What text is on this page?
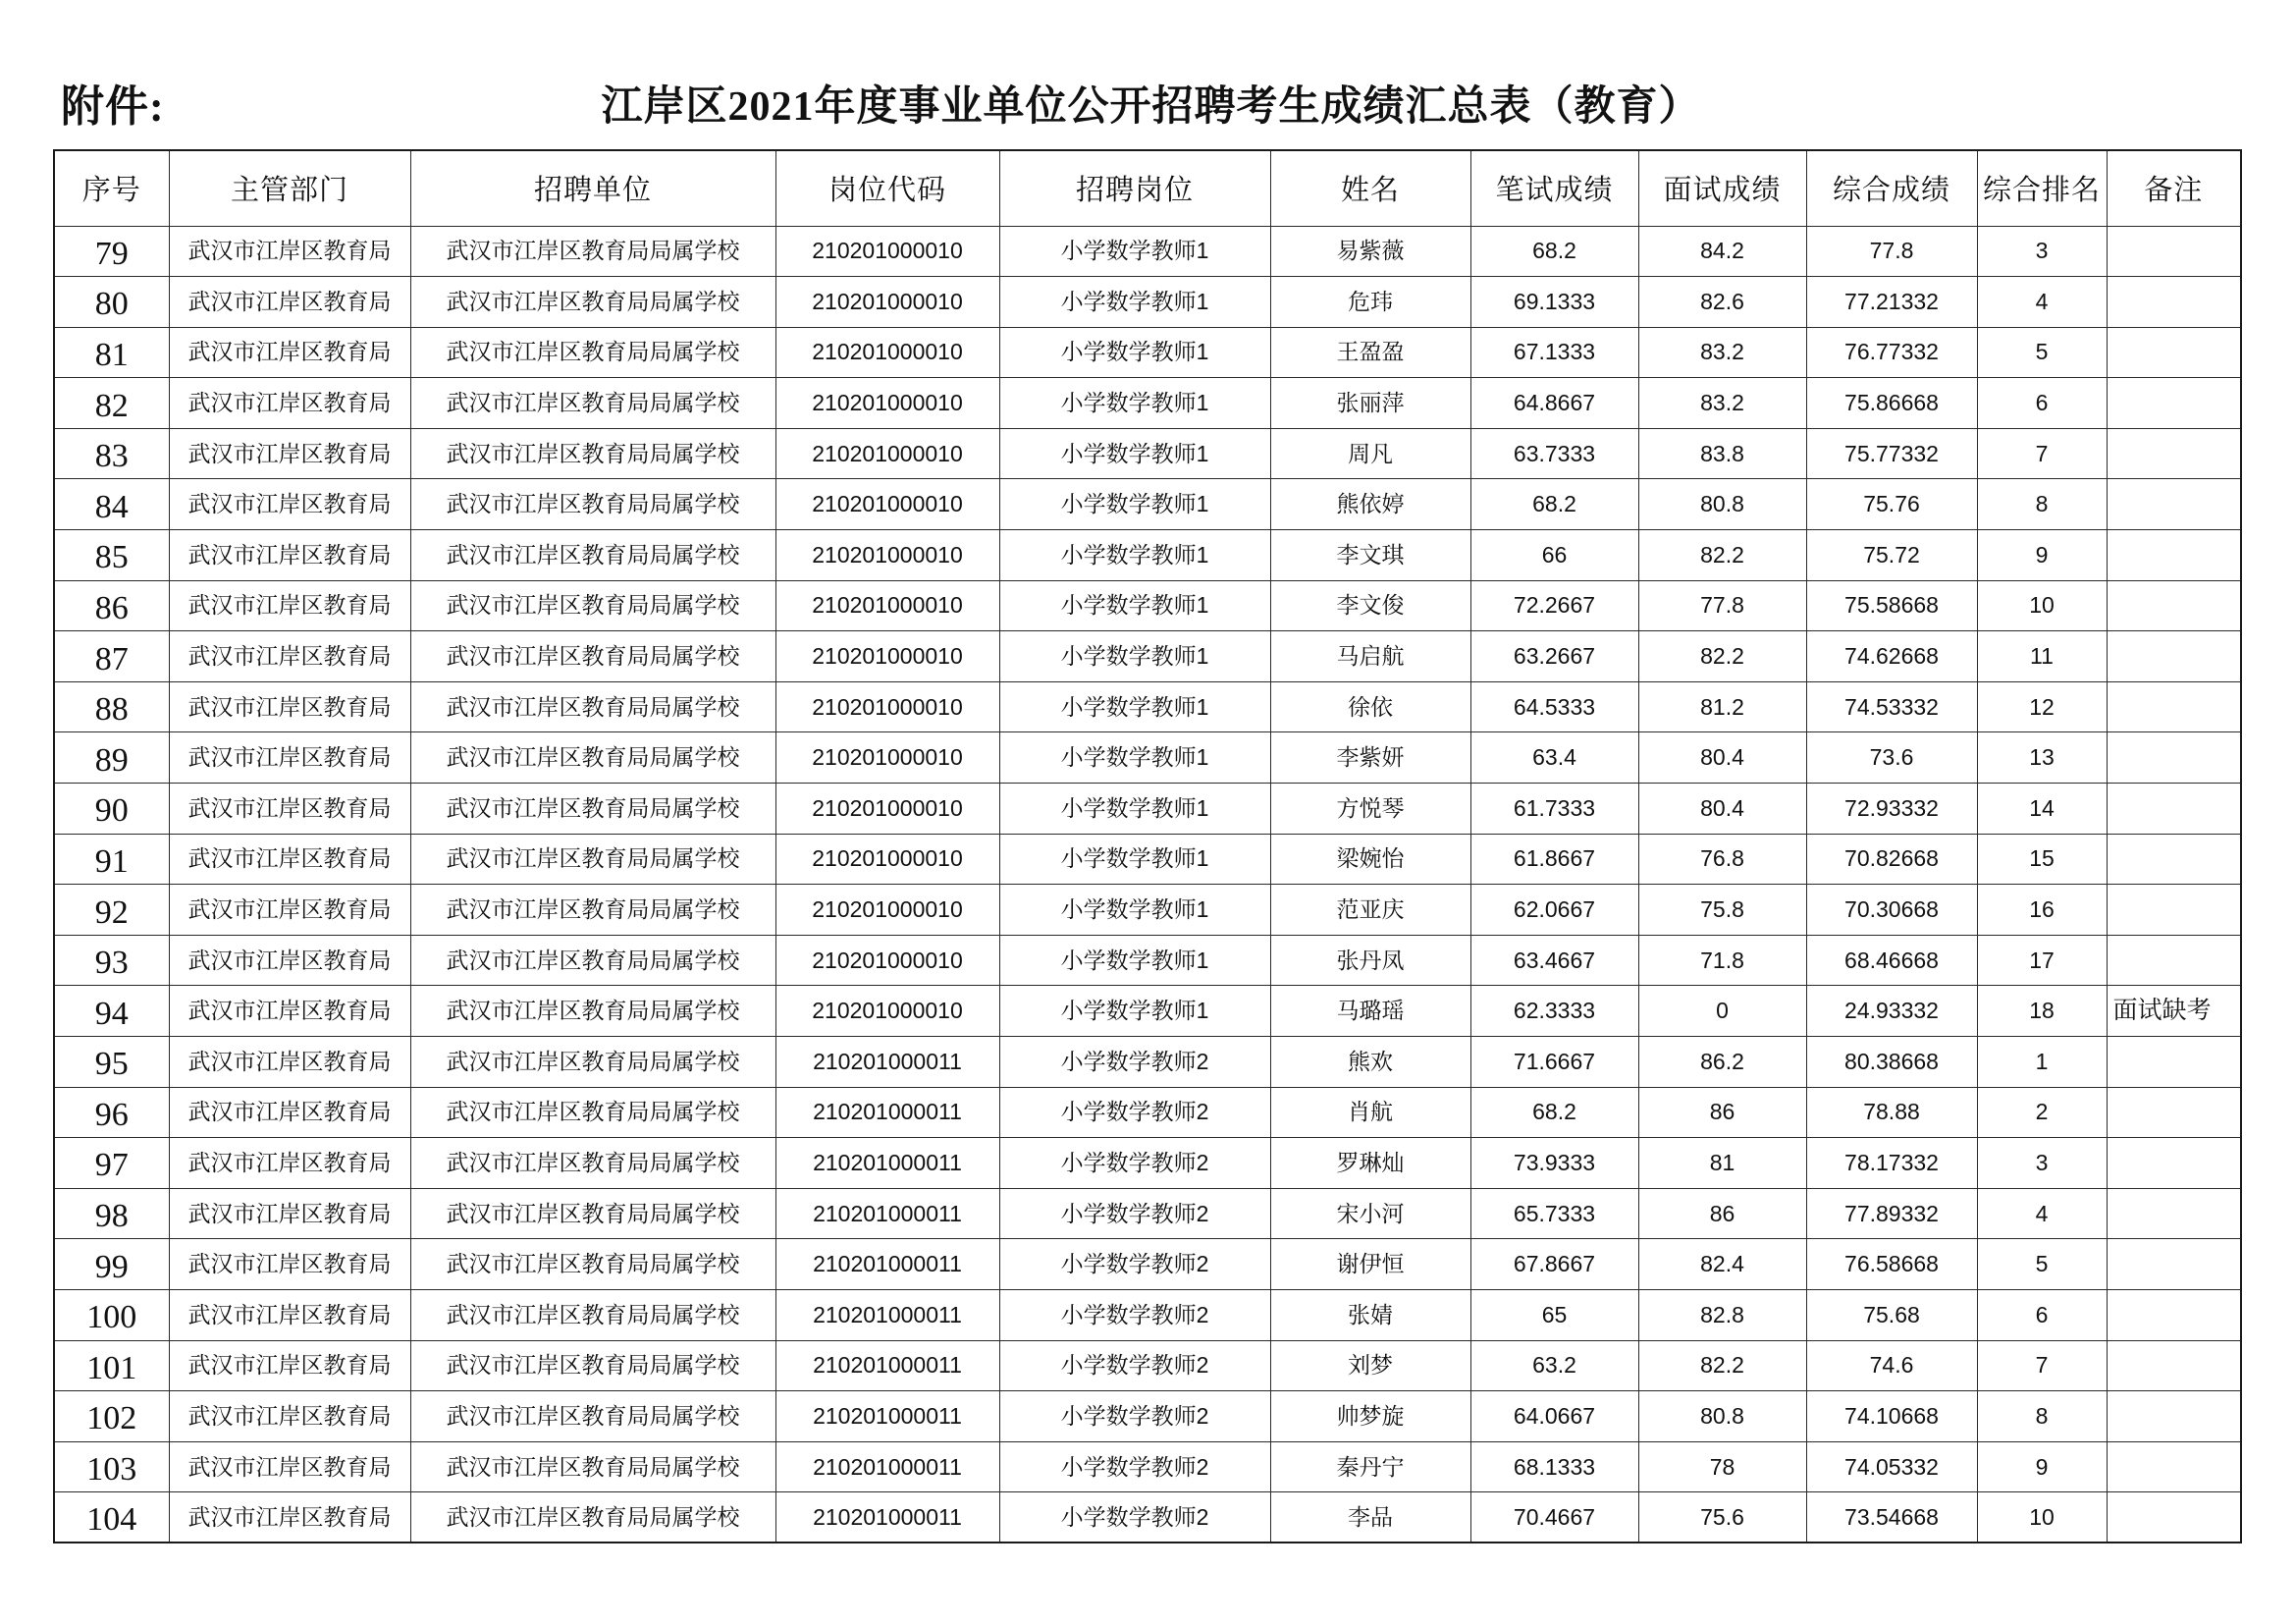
附件:	江岸区2021年度事业单位公开招聘考生成绩汇总表（教育）
序号	主管部门	招聘单位	岗位代码	招聘岗位	姓名	笔试成绩	面试成绩	综合成绩	综合排名	备注
79	武汉市江岸区教育局	武汉市江岸区教育局局属学校	210201000010	小学数学教师1	易紫薇	68.2	84.2	77.8	3	
80	武汉市江岸区教育局	武汉市江岸区教育局局属学校	210201000010	小学数学教师1	危玮	69.1333	82.6	77.21332	4	
81	武汉市江岸区教育局	武汉市江岸区教育局局属学校	210201000010	小学数学教师1	王盈盈	67.1333	83.2	76.77332	5	
82	武汉市江岸区教育局	武汉市江岸区教育局局属学校	210201000010	小学数学教师1	张丽萍	64.8667	83.2	75.86668	6	
83	武汉市江岸区教育局	武汉市江岸区教育局局属学校	210201000010	小学数学教师1	周凡	63.7333	83.8	75.77332	7	
84	武汉市江岸区教育局	武汉市江岸区教育局局属学校	210201000010	小学数学教师1	熊依婷	68.2	80.8	75.76	8	
85	武汉市江岸区教育局	武汉市江岸区教育局局属学校	210201000010	小学数学教师1	李文琪	66	82.2	75.72	9	
86	武汉市江岸区教育局	武汉市江岸区教育局局属学校	210201000010	小学数学教师1	李文俊	72.2667	77.8	75.58668	10	
87	武汉市江岸区教育局	武汉市江岸区教育局局属学校	210201000010	小学数学教师1	马启航	63.2667	82.2	74.62668	11	
88	武汉市江岸区教育局	武汉市江岸区教育局局属学校	210201000010	小学数学教师1	徐依	64.5333	81.2	74.53332	12	
89	武汉市江岸区教育局	武汉市江岸区教育局局属学校	210201000010	小学数学教师1	李紫妍	63.4	80.4	73.6	13	
90	武汉市江岸区教育局	武汉市江岸区教育局局属学校	210201000010	小学数学教师1	方悦琴	61.7333	80.4	72.93332	14	
91	武汉市江岸区教育局	武汉市江岸区教育局局属学校	210201000010	小学数学教师1	梁婉怡	61.8667	76.8	70.82668	15	
92	武汉市江岸区教育局	武汉市江岸区教育局局属学校	210201000010	小学数学教师1	范亚庆	62.0667	75.8	70.30668	16	
93	武汉市江岸区教育局	武汉市江岸区教育局局属学校	210201000010	小学数学教师1	张丹凤	63.4667	71.8	68.46668	17	
94	武汉市江岸区教育局	武汉市江岸区教育局局属学校	210201000010	小学数学教师1	马璐瑶	62.3333	0	24.93332	18	面试缺考
95	武汉市江岸区教育局	武汉市江岸区教育局局属学校	210201000011	小学数学教师2	熊欢	71.6667	86.2	80.38668	1	
96	武汉市江岸区教育局	武汉市江岸区教育局局属学校	210201000011	小学数学教师2	肖航	68.2	86	78.88	2	
97	武汉市江岸区教育局	武汉市江岸区教育局局属学校	210201000011	小学数学教师2	罗琳灿	73.9333	81	78.17332	3	
98	武汉市江岸区教育局	武汉市江岸区教育局局属学校	210201000011	小学数学教师2	宋小河	65.7333	86	77.89332	4	
99	武汉市江岸区教育局	武汉市江岸区教育局局属学校	210201000011	小学数学教师2	谢伊恒	67.8667	82.4	76.58668	5	
100	武汉市江岸区教育局	武汉市江岸区教育局局属学校	210201000011	小学数学教师2	张婧	65	82.8	75.68	6	
101	武汉市江岸区教育局	武汉市江岸区教育局局属学校	210201000011	小学数学教师2	刘梦	63.2	82.2	74.6	7	
102	武汉市江岸区教育局	武汉市江岸区教育局局属学校	210201000011	小学数学教师2	帅梦旋	64.0667	80.8	74.10668	8	
103	武汉市江岸区教育局	武汉市江岸区教育局局属学校	210201000011	小学数学教师2	秦丹宁	68.1333	78	74.05332	9	
104	武汉市江岸区教育局	武汉市江岸区教育局局属学校	210201000011	小学数学教师2	李品	70.4667	75.6	73.54668	10	
